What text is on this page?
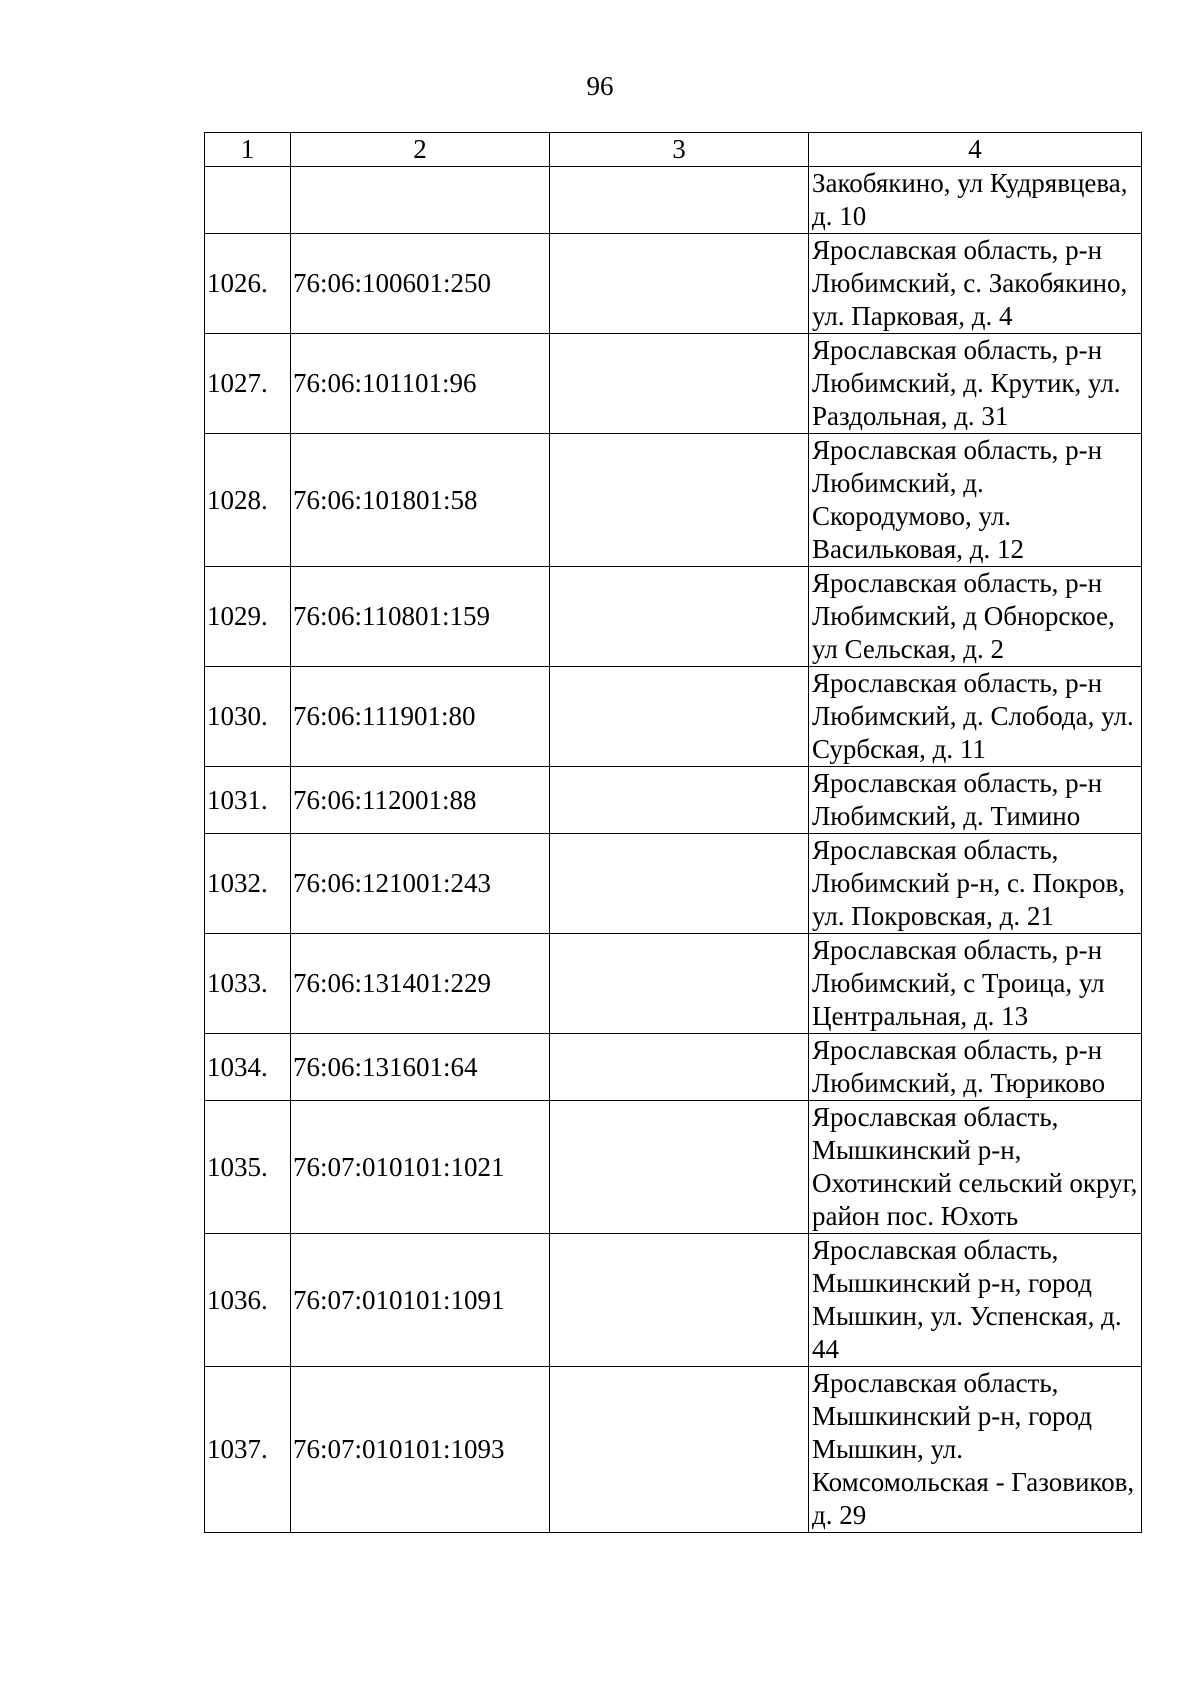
96
1	2	3	4
			Закобякино, ул Кудрявцева, д. 10
1026.	76:06:100601:250		Ярославская область, р-н Любимский, с. Закобякино, ул. Парковая, д. 4
1027.	76:06:101101:96		Ярославская область, р-н Любимский, д. Крутик, ул. Раздольная, д. 31
1028.	76:06:101801:58		Ярославская область, р-н Любимский, д. Скородумово, ул. Васильковая, д. 12
1029.	76:06:110801:159		Ярославская область, р-н Любимский, д Обнорское, ул Сельская, д. 2
1030.	76:06:111901:80		Ярославская область, р-н Любимский, д. Слобода, ул. Сурбская, д. 11
1031.	76:06:112001:88		Ярославская область, р-н Любимский, д. Тимино
1032.	76:06:121001:243		Ярославская область, Любимский р-н, с. Покров, ул. Покровская, д. 21
1033.	76:06:131401:229		Ярославская область, р-н Любимский, с Троица, ул Центральная, д. 13
1034.	76:06:131601:64		Ярославская область, р-н Любимский, д. Тюриково
1035.	76:07:010101:1021		Ярославская область, Мышкинский р-н, Охотинский сельский округ, район пос. Юхоть
1036.	76:07:010101:1091		Ярославская область, Мышкинский р-н, город Мышкин, ул. Успенская, д. 44
1037.	76:07:010101:1093		Ярославская область, Мышкинский р-н, город Мышкин, ул. Комсомольская - Газовиков, д. 29
